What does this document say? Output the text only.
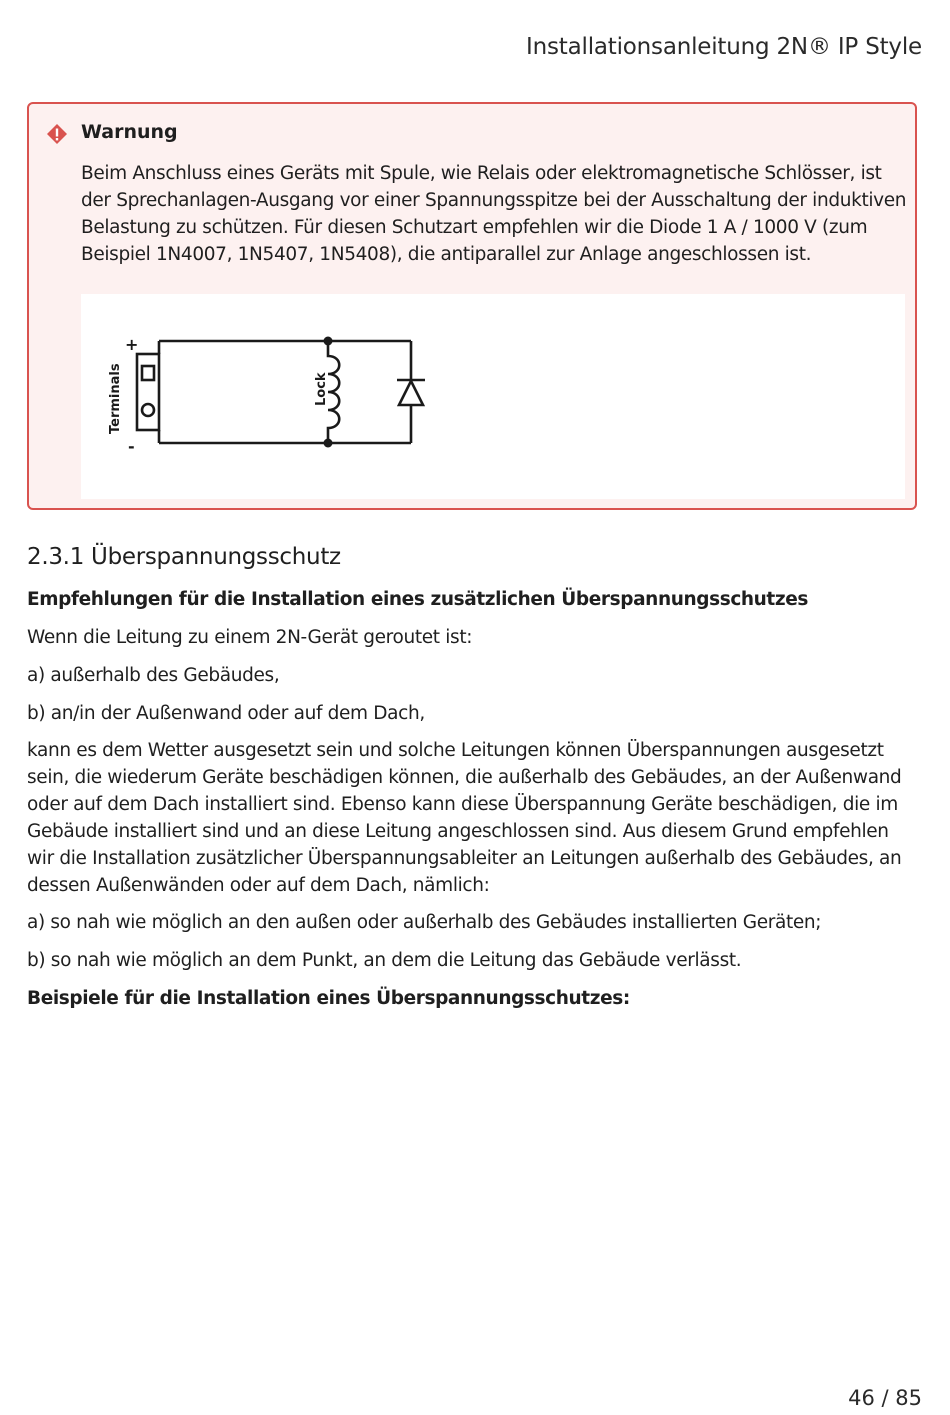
Installationsanleitung 2N® IP Style
Warnung
Beim Anschluss eines Geräts mit Spule, wie Relais oder elektromagnetische Schlösser, ist der Sprechanlagen-Ausgang vor einer Spannungsspitze bei der Ausschaltung der induktiven Belastung zu schützen. Für diesen Schutzart empfehlen wir die Diode 1 A / 1000 V (zum Beispiel 1N4007, 1N5407, 1N5408), die antiparallel zur Anlage angeschlossen ist.
+
-
Terminals	Lock
2.3.1 Überspannungsschutz
Empfehlungen für die Installation eines zusätzlichen Überspannungsschutzes
Wenn die Leitung zu einem 2N-Gerät geroutet ist:
a) außerhalb des Gebäudes,
b) an/in der Außenwand oder auf dem Dach,
kann es dem Wetter ausgesetzt sein und solche Leitungen können Überspannungen ausgesetzt sein, die wiederum Geräte beschädigen können, die außerhalb des Gebäudes, an der Außenwand oder auf dem Dach installiert sind. Ebenso kann diese Überspannung Geräte beschädigen, die im Gebäude installiert sind und an diese Leitung angeschlossen sind. Aus diesem Grund empfehlen wir die Installation zusätzlicher Überspannungsableiter an Leitungen außerhalb des Gebäudes, an dessen Außenwänden oder auf dem Dach, nämlich:
a) so nah wie möglich an den außen oder außerhalb des Gebäudes installierten Geräten;
b) so nah wie möglich an dem Punkt, an dem die Leitung das Gebäude verlässt.
Beispiele für die Installation eines Überspannungsschutzes:
46 / 85
